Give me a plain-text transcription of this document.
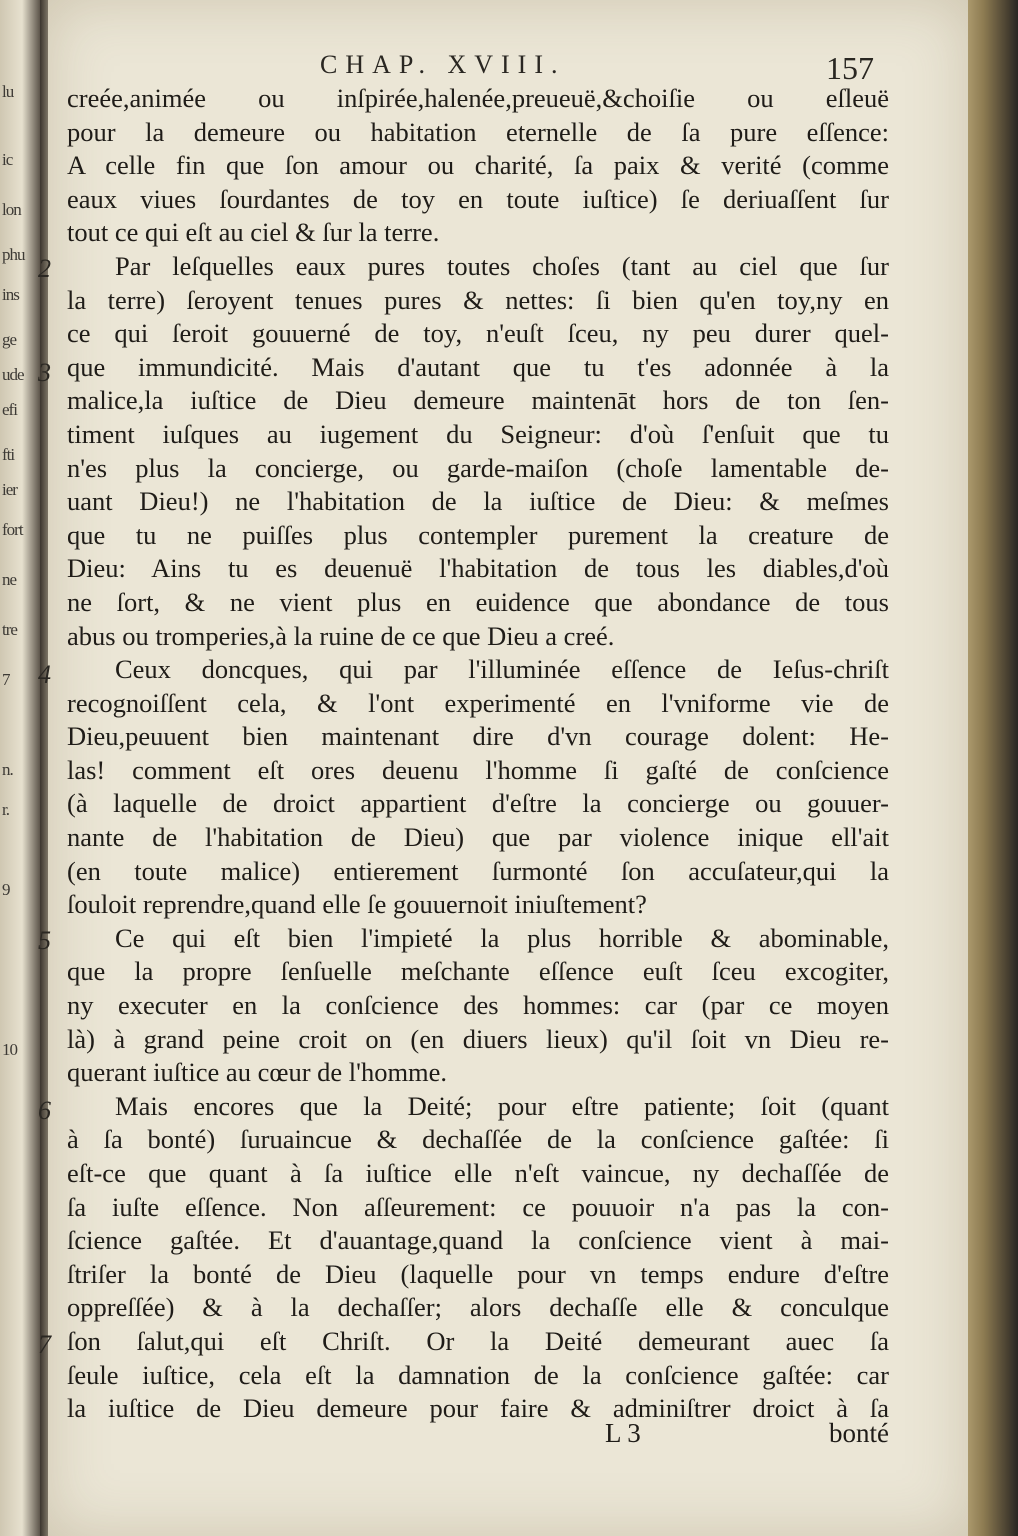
lu
ic
lon
phu
ins
ge
ude
efi
fti
ier
fort
ne
tre
7
n.
r.
9
10
CHAP. XVIII.	157
2
3
4
5
6
7
creée,animée ou inſpirée,halenée,preueuë,&choiſie ou eſleuë
pour la demeure ou habitation eternelle de ſa pure eſſence:
A celle fin que ſon amour ou charité, ſa paix & verité (comme
eaux viues ſourdantes de toy en toute iuſtice) ſe deriuaſſent ſur
tout ce qui eſt au ciel & ſur la terre.
Par leſquelles eaux pures toutes choſes (tant au ciel que ſur
la terre) ſeroyent tenues pures & nettes: ſi bien qu'en toy,ny en
ce qui ſeroit gouuerné de toy, n'euſt ſceu, ny peu durer quel-
que immundicité. Mais d'autant que tu t'es adonnée à la
malice,la iuſtice de Dieu demeure maintenāt hors de ton ſen-
timent iuſques au iugement du Seigneur: d'où ſ'enſuit que tu
n'es plus la concierge, ou garde-maiſon (choſe lamentable de-
uant Dieu!) ne l'habitation de la iuſtice de Dieu: & meſmes
que tu ne puiſſes plus contempler purement la creature de
Dieu: Ains tu es deuenuë l'habitation de tous les diables,d'où
ne ſort, & ne vient plus en euidence que abondance de tous
abus ou tromperies,à la ruine de ce que Dieu a creé.
Ceux doncques, qui par l'illuminée eſſence de Ieſus-chriſt
recognoiſſent cela, & l'ont experimenté en l'vniforme vie de
Dieu,peuuent bien maintenant dire d'vn courage dolent: He-
las! comment eſt ores deuenu l'homme ſi gaſté de conſcience
(à laquelle de droict appartient d'eſtre la concierge ou gouuer-
nante de l'habitation de Dieu) que par violence inique ell'ait
(en toute malice) entierement ſurmonté ſon accuſateur,qui la
ſouloit reprendre,quand elle ſe gouuernoit iniuſtement?
Ce qui eſt bien l'impieté la plus horrible & abominable,
que la propre ſenſuelle meſchante eſſence euſt ſceu excogiter,
ny executer en la conſcience des hommes: car (par ce moyen
là) à grand peine croit on (en diuers lieux) qu'il ſoit vn Dieu re-
querant iuſtice au cœur de l'homme.
Mais encores que la Deité; pour eſtre patiente; ſoit (quant
à ſa bonté) ſuruaincue & dechaſſée de la conſcience gaſtée: ſi
eſt-ce que quant à ſa iuſtice elle n'eſt vaincue, ny dechaſſée de
ſa iuſte eſſence. Non aſſeurement: ce pouuoir n'a pas la con-
ſcience gaſtée. Et d'auantage,quand la conſcience vient à mai-
ſtriſer la bonté de Dieu (laquelle pour vn temps endure d'eſtre
oppreſſée) & à la dechaſſer; alors dechaſſe elle & conculque
ſon ſalut,qui eſt Chriſt. Or la Deité demeurant auec ſa
ſeule iuſtice, cela eſt la damnation de la conſcience gaſtée: car
la iuſtice de Dieu demeure pour faire & adminiſtrer droict à ſa
L 3	bonté
